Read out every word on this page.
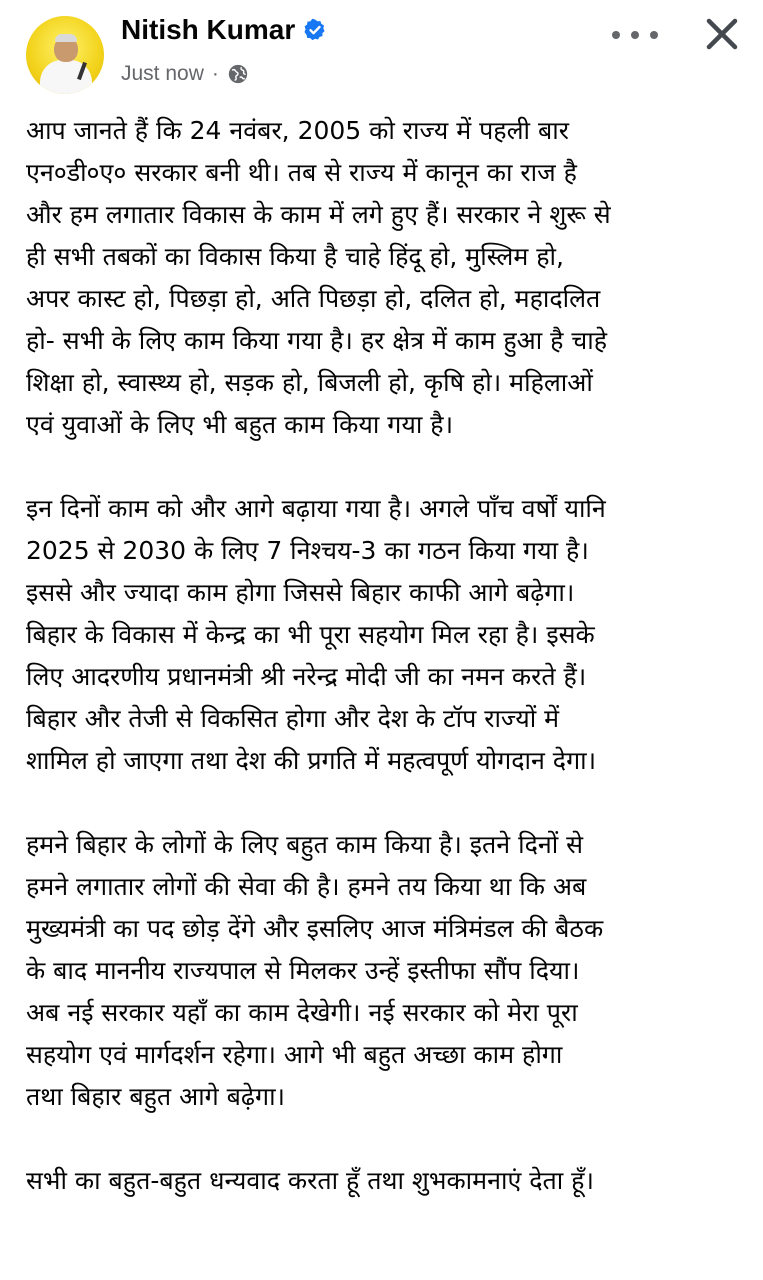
Nitish Kumar
Just now ·

आप जानते हैं कि 24 नवंबर, 2005 को राज्य में पहली बार
एन०डी०ए० सरकार बनी थी। तब से राज्य में कानून का राज है
और हम लगातार विकास के काम में लगे हुए हैं। सरकार ने शुरू से
ही सभी तबकों का विकास किया है चाहे हिंदू हो, मुस्लिम हो,
अपर कास्ट हो, पिछड़ा हो, अति पिछड़ा हो, दलित हो, महादलित
हो- सभी के लिए काम किया गया है। हर क्षेत्र में काम हुआ है चाहे
शिक्षा हो, स्वास्थ्य हो, सड़क हो, बिजली हो, कृषि हो। महिलाओं
एवं युवाओं के लिए भी बहुत काम किया गया है।

इन दिनों काम को और आगे बढ़ाया गया है। अगले पाँच वर्षों यानि
2025 से 2030 के लिए 7 निश्चय-3 का गठन किया गया है।
इससे और ज्यादा काम होगा जिससे बिहार काफी आगे बढ़ेगा।
बिहार के विकास में केन्द्र का भी पूरा सहयोग मिल रहा है। इसके
लिए आदरणीय प्रधानमंत्री श्री नरेन्द्र मोदी जी का नमन करते हैं।
बिहार और तेजी से विकसित होगा और देश के टॉप राज्यों में
शामिल हो जाएगा तथा देश की प्रगति में महत्वपूर्ण योगदान देगा।

हमने बिहार के लोगों के लिए बहुत काम किया है। इतने दिनों से
हमने लगातार लोगों की सेवा की है। हमने तय किया था कि अब
मुख्यमंत्री का पद छोड़ देंगे और इसलिए आज मंत्रिमंडल की बैठक
के बाद माननीय राज्यपाल से मिलकर उन्हें इस्तीफा सौंप दिया।
अब नई सरकार यहाँ का काम देखेगी। नई सरकार को मेरा पूरा
सहयोग एवं मार्गदर्शन रहेगा। आगे भी बहुत अच्छा काम होगा
तथा बिहार बहुत आगे बढ़ेगा।

सभी का बहुत-बहुत धन्यवाद करता हूँ तथा शुभकामनाएं देता हूँ।
